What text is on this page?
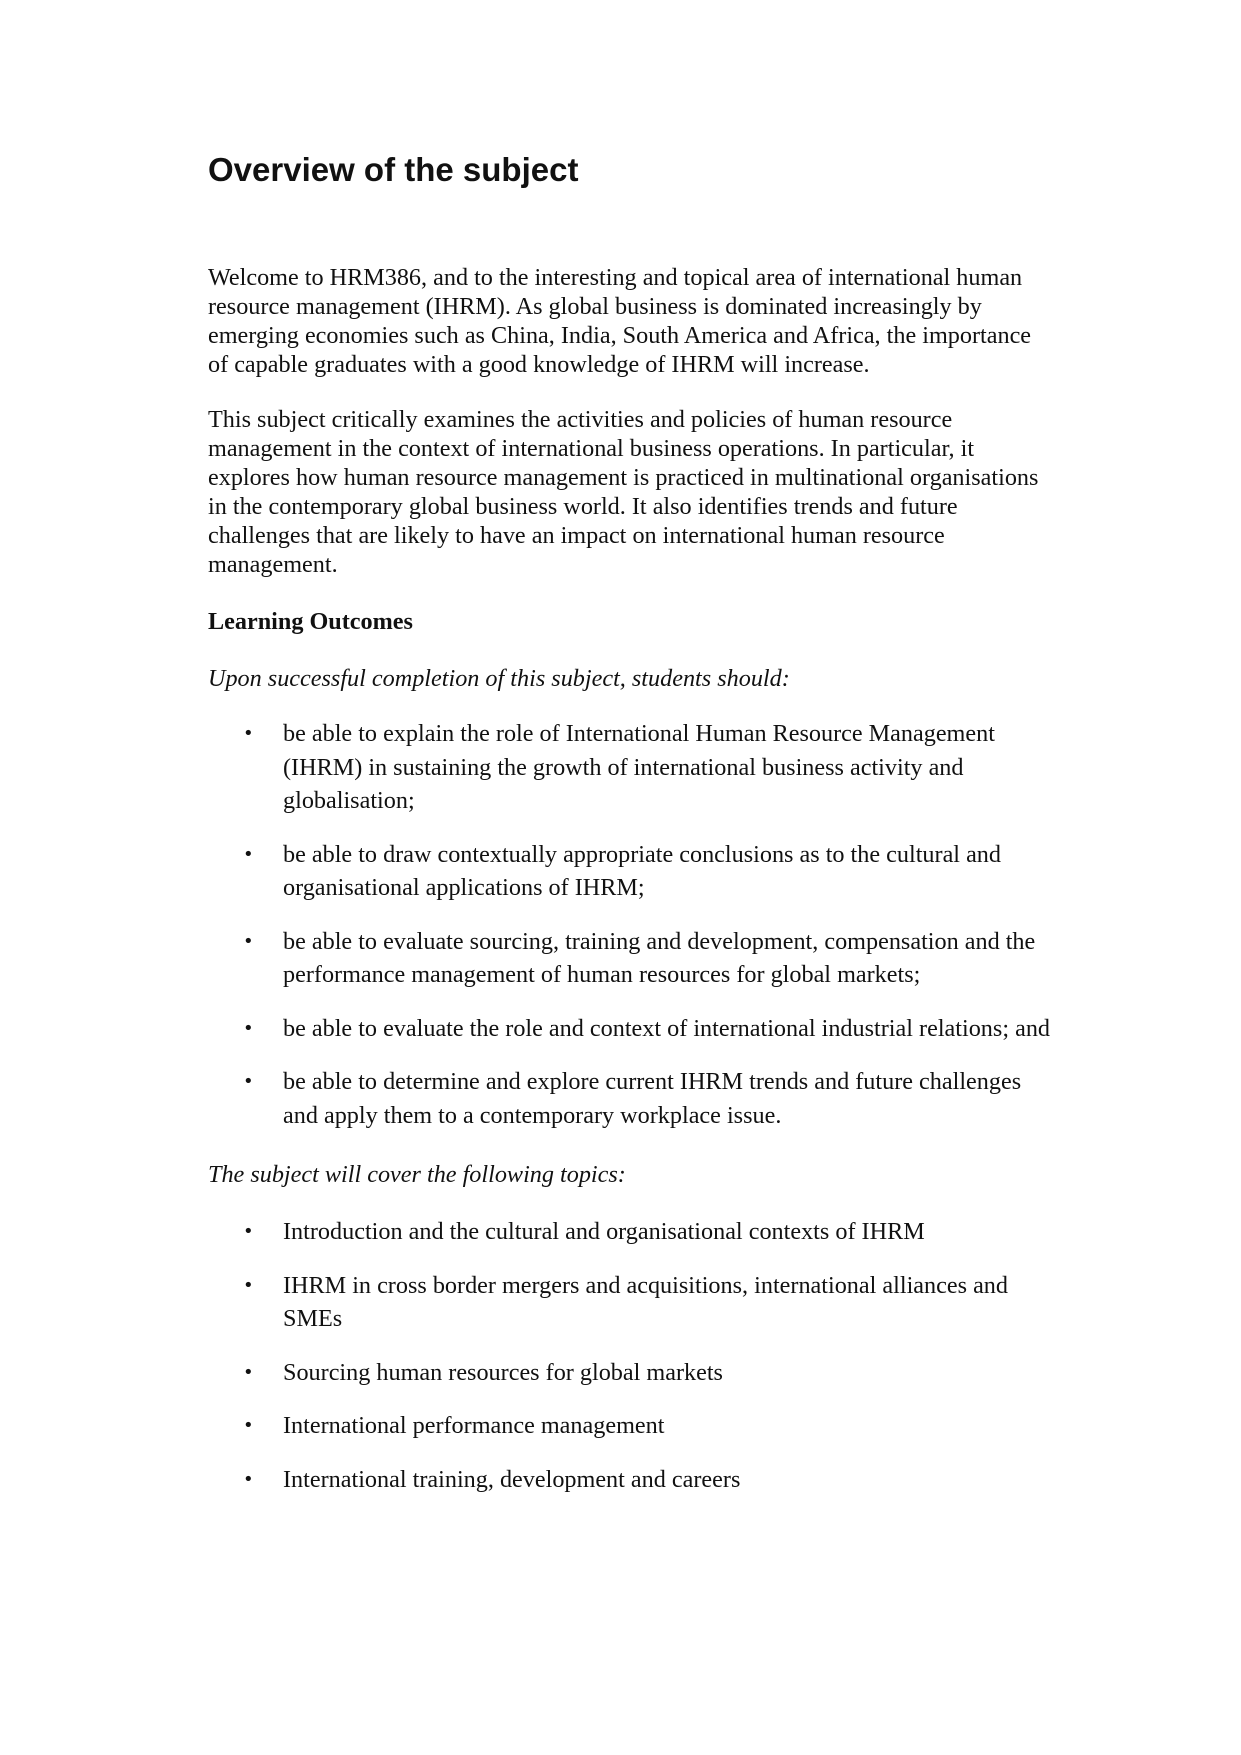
Overview of the subject

Welcome to HRM386, and to the interesting and topical area of international human resource management (IHRM). As global business is dominated increasingly by emerging economies such as China, India, South America and Africa, the importance of capable graduates with a good knowledge of IHRM will increase.

This subject critically examines the activities and policies of human resource management in the context of international business operations. In particular, it explores how human resource management is practiced in multinational organisations in the contemporary global business world. It also identifies trends and future challenges that are likely to have an impact on international human resource management.

Learning Outcomes

Upon successful completion of this subject, students should:

• be able to explain the role of International Human Resource Management (IHRM) in sustaining the growth of international business activity and globalisation;
• be able to draw contextually appropriate conclusions as to the cultural and organisational applications of IHRM;
• be able to evaluate sourcing, training and development, compensation and the performance management of human resources for global markets;
• be able to evaluate the role and context of international industrial relations; and
• be able to determine and explore current IHRM trends and future challenges and apply them to a contemporary workplace issue.

The subject will cover the following topics:

• Introduction and the cultural and organisational contexts of IHRM
• IHRM in cross border mergers and acquisitions, international alliances and SMEs
• Sourcing human resources for global markets
• International performance management
• International training, development and careers
